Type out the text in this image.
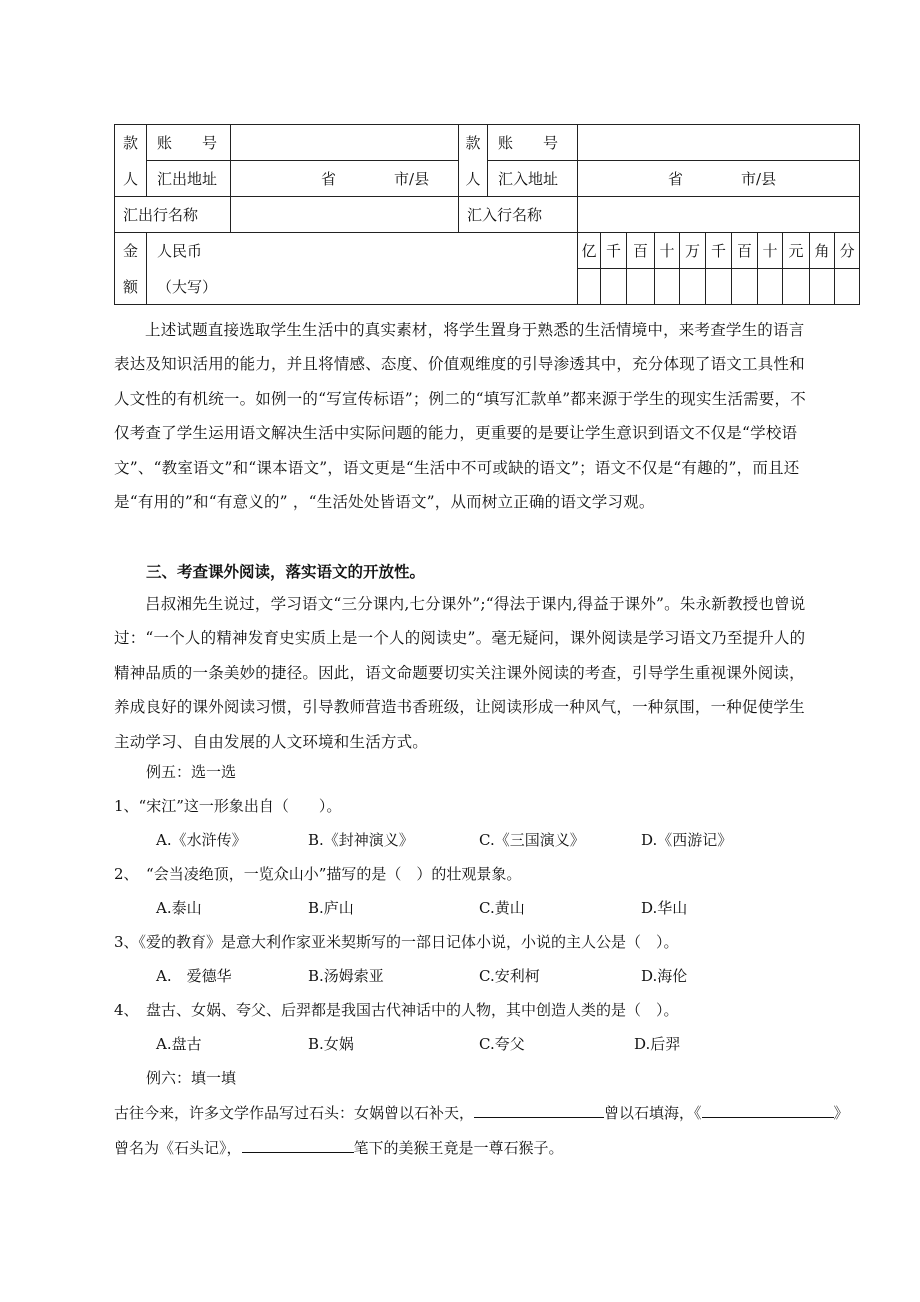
款	账　　号		款	账　　号											
人	汇出地址	省 市/县	人	汇入地址	省 市/县										
汇出行名称			汇入行名称												
金	人民币				亿	千	百	十	万	千	百	十	元	角	分
额	（大写）														

上述试题直接选取学生生活中的真实素材，将学生置身于熟悉的生活情境中，来考查学生的语言表达及知识活用的能力，并且将情感、态度、价值观维度的引导渗透其中，充分体现了语文工具性和人文性的有机统一。如例一的“写宣传标语”；例二的“填写汇款单”都来源于学生的现实生活需要，不仅考查了学生运用语文解决生活中实际问题的能力，更重要的是要让学生意识到语文不仅是“学校语文”、“教室语文”和“课本语文”，语文更是“生活中不可或缺的语文”；语文不仅是“有趣的”，而且还是“有用的”和“有意义的” ，“生活处处皆语文”，从而树立正确的语文学习观。

三、考查课外阅读，落实语文的开放性。

吕叔湘先生说过，学习语文“三分课内,七分课外”;“得法于课内,得益于课外”。朱永新教授也曾说过：“一个人的精神发育史实质上是一个人的阅读史”。毫无疑问，课外阅读是学习语文乃至提升人的精神品质的一条美妙的捷径。因此，语文命题要切实关注课外阅读的考查，引导学生重视课外阅读，养成良好的课外阅读习惯，引导教师营造书香班级，让阅读形成一种风气，一种氛围，一种促使学生主动学习、自由发展的人文环境和生活方式。

例五：选一选
1、“宋江”这一形象出自（　　）。
A.《水浒传》	B.《封神演义》	C.《三国演义》	D.《西游记》
2、　“会当凌绝顶，一览众山小”描写的是（　）的壮观景象。
A.泰山	B.庐山	C.黄山	D.华山
3、《爱的教育》是意大利作家亚米契斯写的一部日记体小说，小说的主人公是（　）。
A.　爱德华	B.汤姆索亚	C.安利柯	D.海伦
4、　盘古、女娲、夸父、后羿都是我国古代神话中的人物，其中创造人类的是（　）。
A.盘古	B.女娲	C.夸父	D.后羿
例六：填一填
古往今来，许多文学作品写过石头：女娲曾以石补天，	曾以石填海，《	》
曾名为《石头记》，	笔下的美猴王竟是一尊石猴子。
